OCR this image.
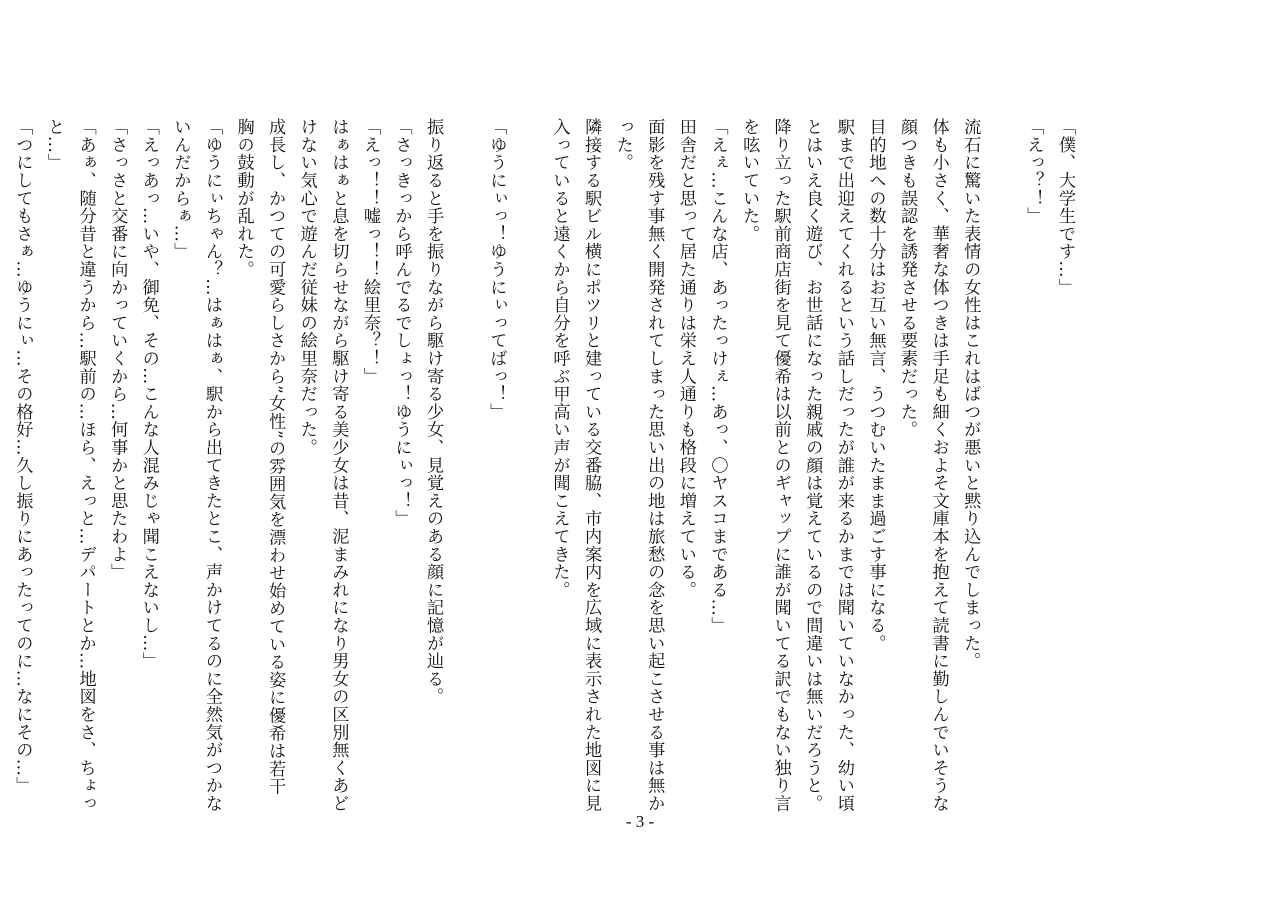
「僕、大学生です…」
「えっ？！」

流石に驚いた表情の女性はこれはばつが悪いと黙り込んでしまった。
体も小さく、華奢な体つきは手足も細くおよそ文庫本を抱えて読書に勤しんでいそうな
顔つきも誤認を誘発させる要素だった。
目的地への数十分はお互い無言、うつむいたまま過ごす事になる。
駅まで出迎えてくれるという話しだったが誰が来るかまでは聞いていなかった、幼い頃
とはいえ良く遊び、お世話になった親戚の顔は覚えているので間違いは無いだろうと。
降り立った駅前商店街を見て優希は以前とのギャップに誰が聞いてる訳でもない独り言
を呟いていた。
「えぇ…こんな店、あったっけぇ…あっ、〇ヤスコまである…」
田舎だと思って居た通りは栄え人通りも格段に増えている。
面影を残す事無く開発されてしまった思い出の地は旅愁の念を思い起こさせる事は無か
った。
隣接する駅ビル横にポツリと建っている交番脇、市内案内を広域に表示された地図に見
入っていると遠くから自分を呼ぶ甲高い声が聞こえてきた。

「ゆうにぃっ！ゆうにぃってばっ！」

振り返ると手を振りながら駆け寄る少女、見覚えのある顔に記憶が辿る。
「さっきっから呼んでるでしょっ！ゆうにぃっ！」
「えっ！！嘘っ！！絵里奈？！」
はぁはぁと息を切らせながら駆け寄る美少女は昔、泥まみれになり男女の区別無くあど
けない気心で遊んだ従妹の絵里奈だった。
成長し、かつての可愛らしさから”女性”の雰囲気を漂わせ始めている姿に優希は若干
胸の鼓動が乱れた。
「ゆうにぃちゃん？…はぁはぁ、駅から出てきたとこ、声かけてるのに全然気がつかな
いんだからぁ…」
「えっあっ…いや、御免、その…こんな人混みじゃ聞こえないし…」
「さっさと交番に向かっていくから…何事かと思たわよ」
「あぁ、随分昔と違うから…駅前の…ほら、えっと…デパートとか…地図をさ、ちょっ
と…」
「つにしてもさぁ…ゆうにぃ…その格好…久し振りにあったってのに…なにその…」
- 3 -
